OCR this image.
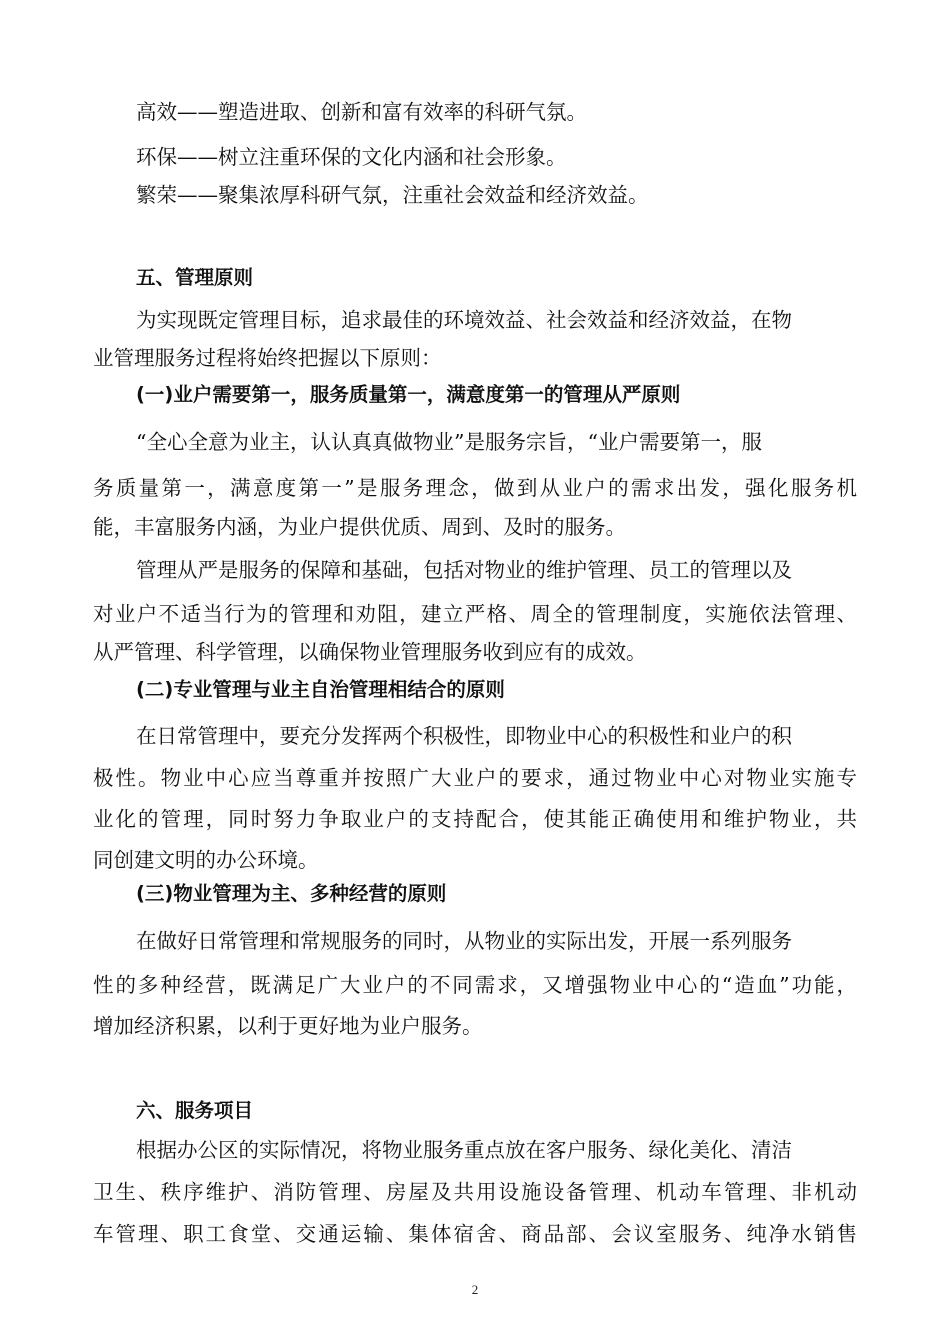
高效——塑造进取、创新和富有效率的科研气氛。
环保——树立注重环保的文化内涵和社会形象。
繁荣——聚集浓厚科研气氛，注重社会效益和经济效益。
五、管理原则
为实现既定管理目标，追求最佳的环境效益、社会效益和经济效益，在物
业管理服务过程将始终把握以下原则：
(一)业户需要第一，服务质量第一，满意度第一的管理从严原则
“全心全意为业主，认认真真做物业”是服务宗旨，“业户需要第一，服
务质量第一，满意度第一”是服务理念，做到从业户的需求出发，强化服务机
能，丰富服务内涵，为业户提供优质、周到、及时的服务。
管理从严是服务的保障和基础，包括对物业的维护管理、员工的管理以及
对业户不适当行为的管理和劝阻，建立严格、周全的管理制度，实施依法管理、
从严管理、科学管理，以确保物业管理服务收到应有的成效。
(二)专业管理与业主自治管理相结合的原则
在日常管理中，要充分发挥两个积极性，即物业中心的积极性和业户的积
极性。物业中心应当尊重并按照广大业户的要求，通过物业中心对物业实施专
业化的管理，同时努力争取业户的支持配合，使其能正确使用和维护物业，共
同创建文明的办公环境。
(三)物业管理为主、多种经营的原则
在做好日常管理和常规服务的同时，从物业的实际出发，开展一系列服务
性的多种经营，既满足广大业户的不同需求，又增强物业中心的“造血”功能，
增加经济积累，以利于更好地为业户服务。
六、服务项目
根据办公区的实际情况，将物业服务重点放在客户服务、绿化美化、清洁
卫生、秩序维护、消防管理、房屋及共用设施设备管理、机动车管理、非机动
车管理、职工食堂、交通运输、集体宿舍、商品部、会议室服务、纯净水销售
2
